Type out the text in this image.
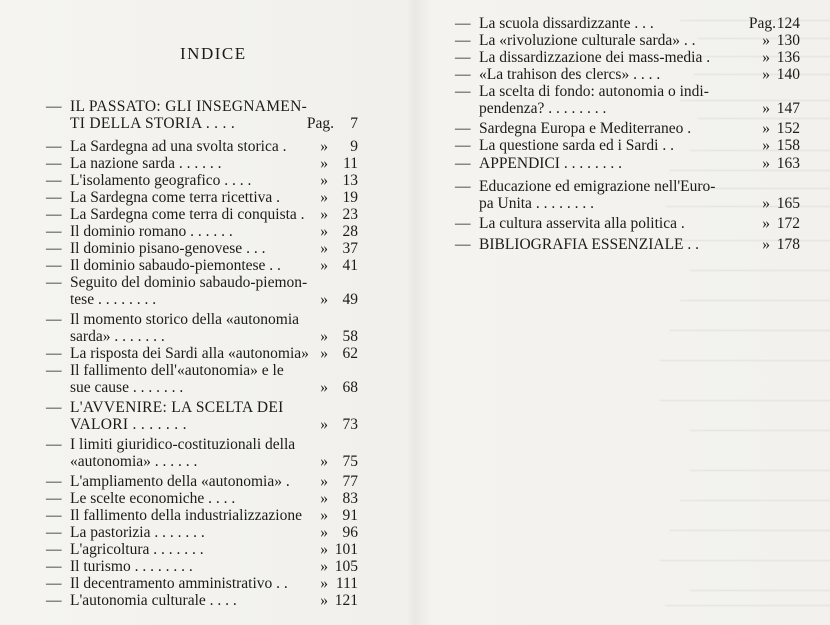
INDICE
— IL PASSATO: GLI INSEGNAMEN-
TI DELLA STORIA . . . .	Pag.	7
— La Sardegna ad una svolta storica . »	9
— La nazione sarda . . . . . .	» 11
— L'isolamento geografico . . . .	» 13
— La Sardegna come terra ricettiva .	» 19
— La Sardegna come terra di conquista . » 23
— Il dominio romano . . . . . .	» 28
— Il dominio pisano-genovese . . .	» 37
— Il dominio sabaudo-piemontese . .	» 41
— Seguito del dominio sabaudo-piemon-
tese . . . . . . . .	» 49
— Il momento storico della «autonomia
sarda» . . . . . . .	» 58
— La risposta dei Sardi alla «autonomia» » 62
— Il fallimento dell'«autonomia» e le
sue cause . . . . . . .	» 68
— L'AVVENIRE: LA SCELTA DEI
VALORI . . . . . . .	» 73
— I limiti giuridico-costituzionali della
«autonomia» . . . . . .	» 75
— L'ampliamento della «autonomia» . » 77
— Le scelte economiche . . . .	» 83
— Il fallimento della industrializzazione » 91
— La pastorizia . . . . . . .	» 96
— L'agricoltura . . . . . . .	» 101
— Il turismo . . . . . . . .	» 105
— Il decentramento amministrativo . . » 111
— L'autonomia culturale . . . .	» 121
— La scuola dissardizzante . . .	Pag. 124
— La «rivoluzione culturale sarda» . .	» 130
— La dissardizzazione dei mass-media .	» 136
— «La trahison des clercs» . . . .	» 140
— La scelta di fondo: autonomia o indi-
pendenza? . . . . . . . .	» 147
— Sardegna Europa e Mediterraneo .	» 152
— La questione sarda ed i Sardi . .	» 158
— APPENDICI . . . . . . . .	» 163
— Educazione ed emigrazione nell'Euro-
pa Unita . . . . . . . .	» 165
— La cultura asservita alla politica .	» 172
— BIBLIOGRAFIA ESSENZIALE . .	» 178
